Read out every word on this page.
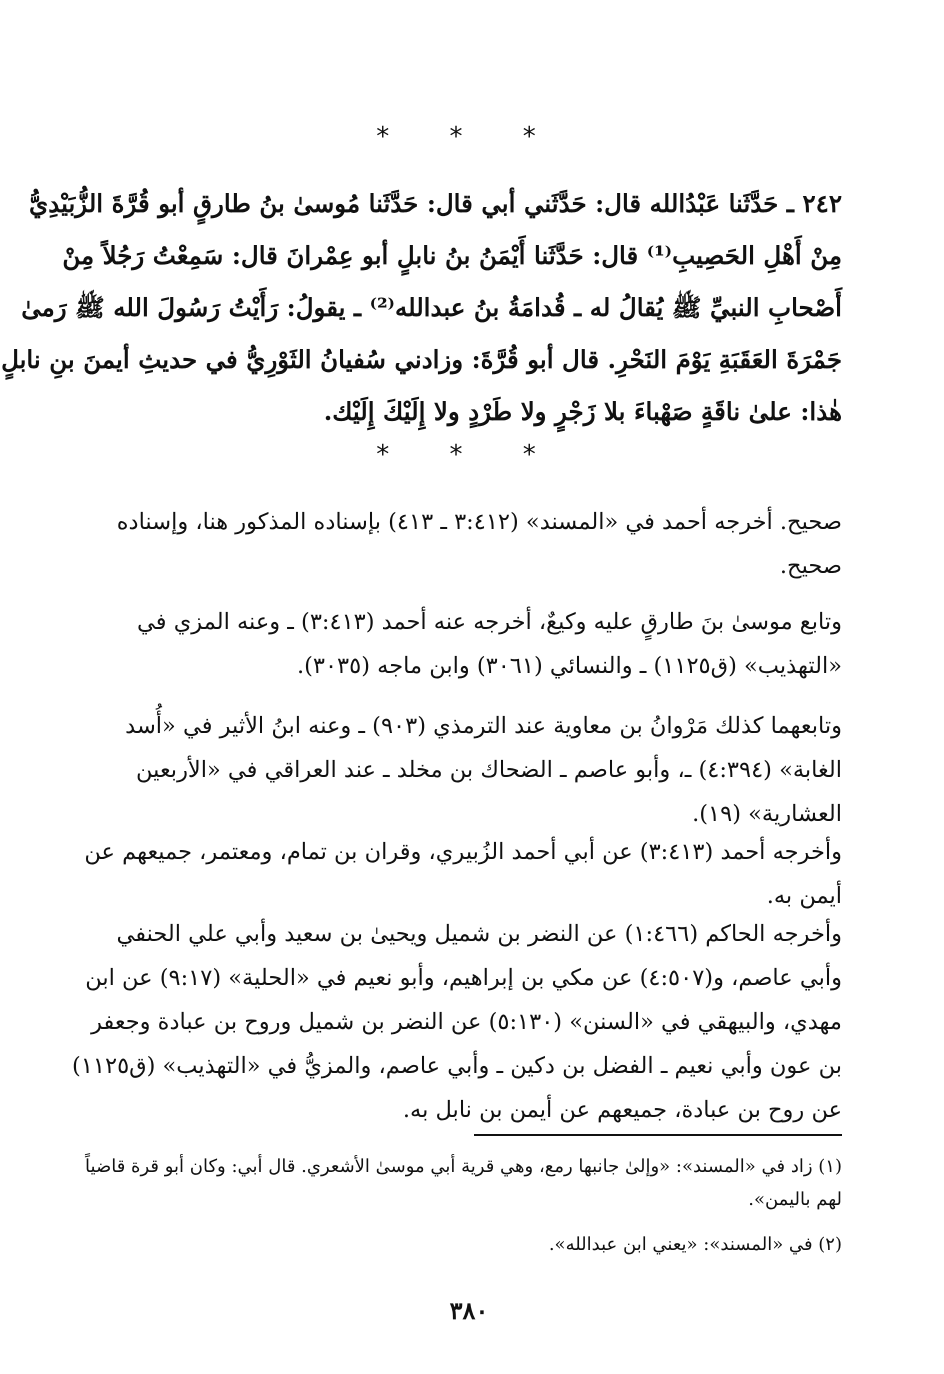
* * *
٢٤٢ ـ حَدَّثَنا عَبْدُالله قال: حَدَّثَني أبي قال: حَدَّثَنا مُوسىٰ بنُ طارقٍ أبو قُرَّةَ الزُّبَيْدِيُّ
مِنْ أَهْلِ الحَصِيبِ⁽¹⁾ قال: حَدَّثَنا أَيْمَنُ بنُ نابلٍ أبو عِمْرانَ قال: سَمِعْتُ رَجُلاً مِنْ
أَصْحابِ النبيِّ ﷺ يُقالُ له ـ قُدامَةُ بنُ عبدالله⁽²⁾ ـ يقولُ: رَأَيْتُ رَسُولَ الله ﷺ رَمىٰ
جَمْرَةَ العَقَبَةِ يَوْمَ النَحْرِ. قال أبو قُرَّةَ: وزادني سُفيانُ الثَوْرِيُّ في حديثِ أيمنَ بنِ نابلٍ
هٰذا: علىٰ ناقَةٍ صَهْباءَ بلا زَجْرٍ ولا طَرْدٍ ولا إِلَيْكَ إِلَيْك.
* * *
صحيح. أخرجه أحمد في «المسند» (٣:٤١٢ ـ ٤١٣) بإسناده المذكور هنا، وإسناده
صحيح.
وتابع موسىٰ بنَ طارقٍ عليه وكيعٌ، أخرجه عنه أحمد (٣:٤١٣) ـ وعنه المزي في
«التهذيب» (ق١١٢٥) ـ والنسائي (٣٠٦١) وابن ماجه (٣٠٣٥).
وتابعهما كذلك مَرْوانُ بن معاوية عند الترمذي (٩٠٣) ـ وعنه ابنُ الأثير في «أُسد
الغابة» (٤:٣٩٤) ـ، وأبو عاصم ـ الضحاك بن مخلد ـ عند العراقي في «الأربعين
العشارية» (١٩).
وأخرجه أحمد (٣:٤١٣) عن أبي أحمد الزُبيري، وقران بن تمام، ومعتمر، جميعهم عن
أيمن به.
وأخرجه الحاكم (١:٤٦٦) عن النضر بن شميل ويحيىٰ بن سعيد وأبي علي الحنفي
وأبي عاصم، و(٤:٥٠٧) عن مكي بن إبراهيم، وأبو نعيم في «الحلية» (٩:١٧) عن ابن
مهدي، والبيهقي في «السنن» (٥:١٣٠) عن النضر بن شميل وروح بن عبادة وجعفر
بن عون وأبي نعيم ـ الفضل بن دكين ـ وأبي عاصم، والمزيُّ في «التهذيب» (ق١١٢٥)
عن روح بن عبادة، جميعهم عن أيمن بن نابل به.
(١) زاد في «المسند»: «وإلىٰ جانبها رمع، وهي قرية أبي موسىٰ الأشعري. قال أبي: وكان أبو قرة قاضياً
لهم باليمن».
(٢) في «المسند»: «يعني ابن عبدالله».
٣٨٠
